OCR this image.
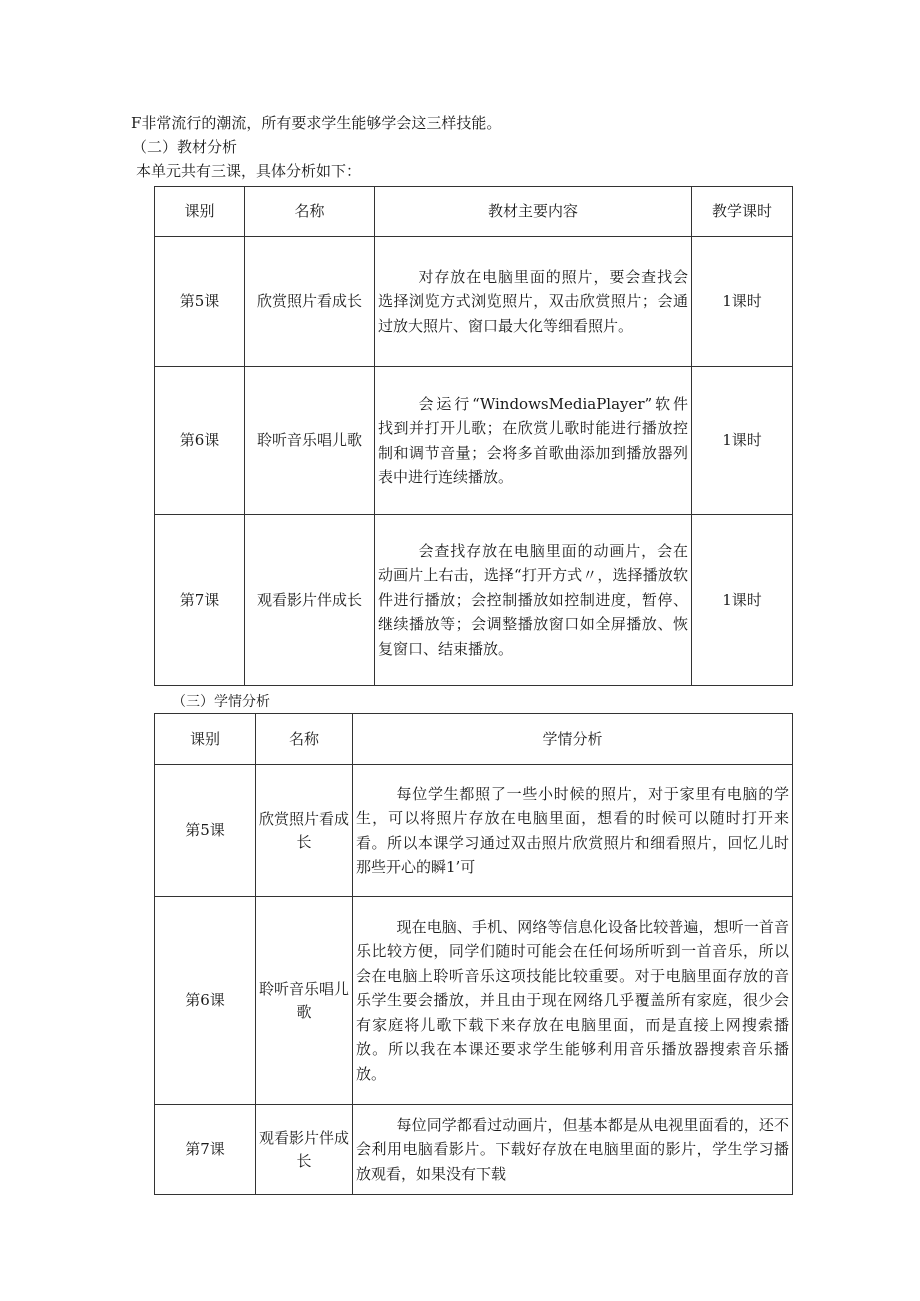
F非常流行的潮流，所有要求学生能够学会这三样技能。
（二）教材分析
本单元共有三课，具体分析如下：
课别	名称	教材主要内容	教学课时
第5课	欣赏照片看成长	对存放在电脑里面的照片，要会查找会选择浏览方式浏览照片，双击欣赏照片；会通过放大照片、窗口最大化等细看照片。	1课时
第6课	聆听音乐唱儿歌	会运行“WindowsMediaPlayer”软件找到并打开儿歌；在欣赏儿歌时能进行播放控制和调节音量；会将多首歌曲添加到播放器列表中进行连续播放。	1课时
第7课	观看影片伴成长	会查找存放在电脑里面的动画片，会在动画片上右击，选择“打开方式〃，选择播放软件进行播放；会控制播放如控制进度，暂停、继续播放等；会调整播放窗口如全屏播放、恢复窗口、结束播放。	1课时
（三）学情分析
课别	名称	学情分析
第5课	欣赏照片看成长	每位学生都照了一些小时候的照片，对于家里有电脑的学生，可以将照片存放在电脑里面，想看的时候可以随时打开来看。所以本课学习通过双击照片欣赏照片和细看照片，回忆儿时那些开心的瞬1’可
第6课	聆听音乐唱儿歌	现在电脑、手机、网络等信息化设备比较普遍，想听一首音乐比较方便，同学们随时可能会在任何场所听到一首音乐，所以会在电脑上聆听音乐这项技能比较重要。对于电脑里面存放的音乐学生要会播放，并且由于现在网络几乎覆盖所有家庭，很少会有家庭将儿歌下载下来存放在电脑里面，而是直接上网搜索播放。所以我在本课还要求学生能够利用音乐播放器搜索音乐播放。
第7课	观看影片伴成长	每位同学都看过动画片，但基本都是从电视里面看的，还不会利用电脑看影片。下载好存放在电脑里面的影片，学生学习播放观看，如果没有下载
